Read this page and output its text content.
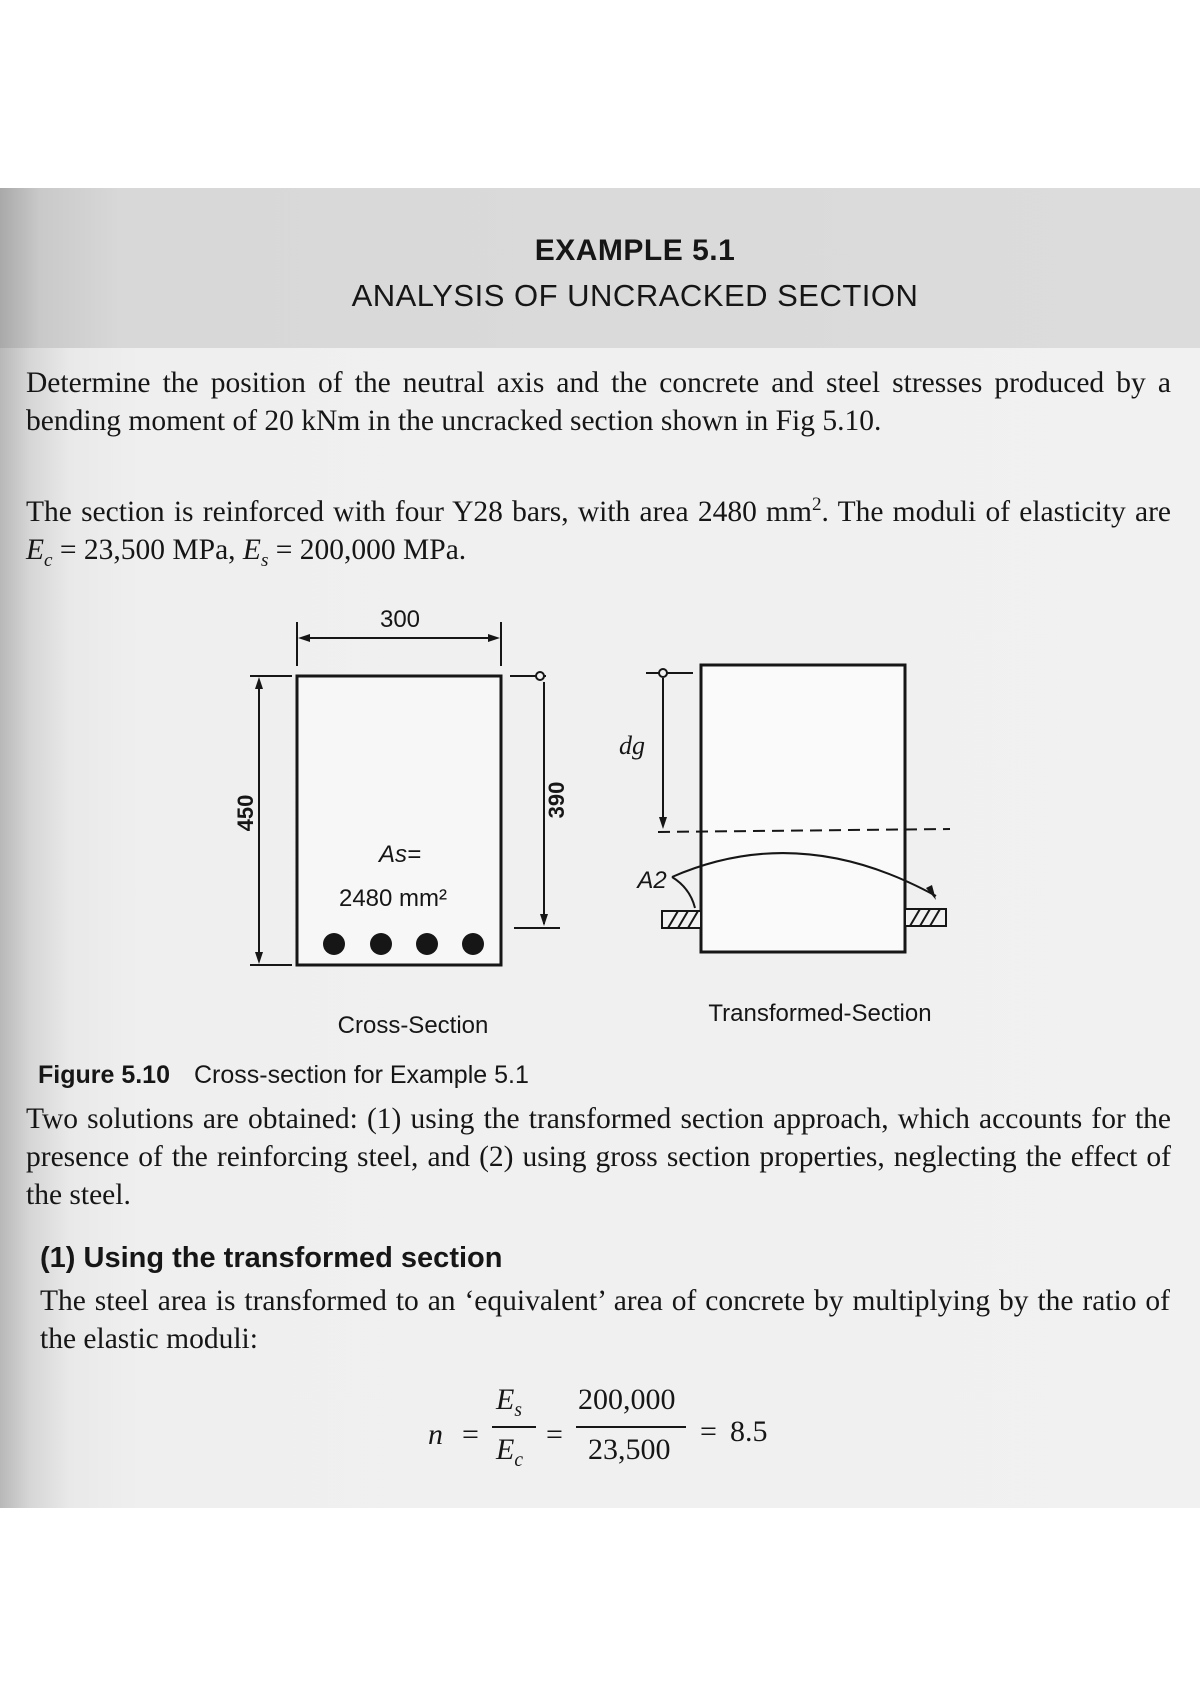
EXAMPLE 5.1
ANALYSIS OF UNCRACKED SECTION

Determine the position of the neutral axis and the concrete and steel stresses produced by a bending moment of 20 kNm in the uncracked section shown in Fig 5.10.

The section is reinforced with four Y28 bars, with area 2480 $mm^2$. The moduli of elasticity are $E_c = 23,500$ MPa, $E_s = 200,000$ MPa.

300
450	390
As=
2480 mm²
dg
A2
Cross-Section	Transformed-Section
Figure 5.10 Cross-section for Example 5.1

Two solutions are obtained: (1) using the transformed section approach, which accounts for the presence of the reinforcing steel, and (2) using gross section properties, neglecting the effect of the steel.

(1) Using the transformed section

The steel area is transformed to an ‘equivalent’ area of concrete by multiplying by the ratio of the elastic moduli:

n =
$E_s$
$E_c$
=
200,000
23,500
= 8.5
